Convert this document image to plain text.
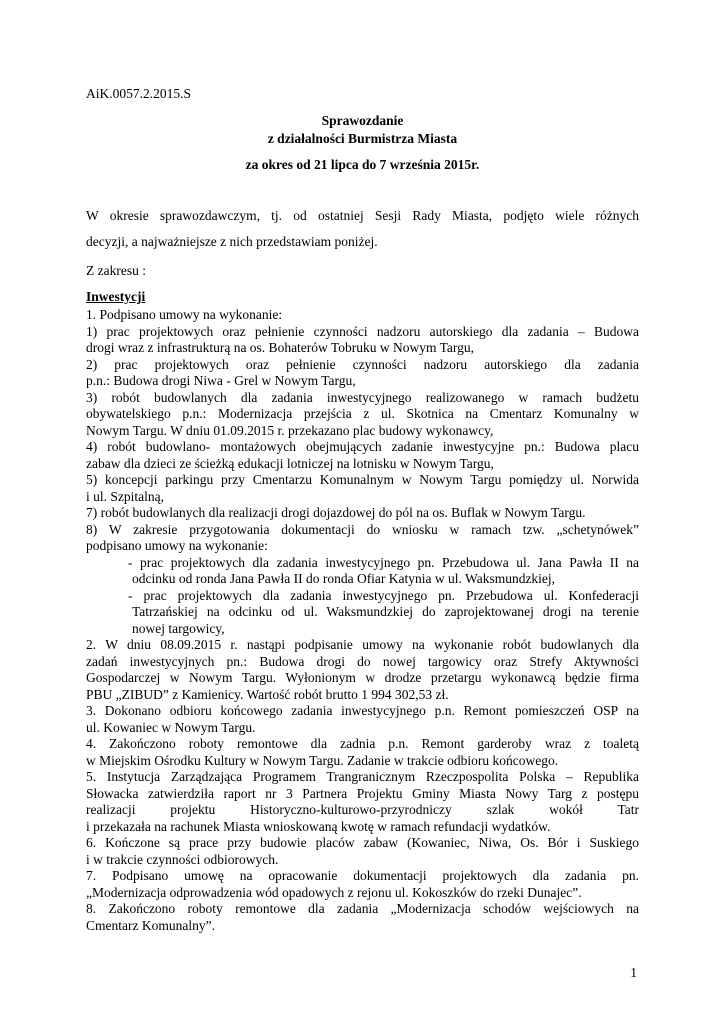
AiK.0057.2.2015.S
Sprawozdanie
z działalności Burmistrza Miasta
za okres od 21 lipca do 7 września 2015r.
W okresie sprawozdawczym, tj. od ostatniej Sesji Rady Miasta, podjęto wiele różnych
decyzji, a najważniejsze z nich przedstawiam poniżej.
Z zakresu :
Inwestycji

1. Podpisano umowy na wykonanie:

1) prac projektowych oraz pełnienie czynności nadzoru autorskiego dla zadania – Budowa
drogi wraz z infrastrukturą na os. Bohaterów Tobruku w Nowym Targu,

2) prac projektowych oraz pełnienie czynności nadzoru autorskiego dla zadania
p.n.: Budowa drogi Niwa - Grel w Nowym Targu,

3) robót budowlanych dla zadania inwestycyjnego realizowanego w ramach budżetu
obywatelskiego p.n.: Modernizacja przejścia z ul. Skotnica na Cmentarz Komunalny w
Nowym Targu. W dniu 01.09.2015 r. przekazano plac budowy wykonawcy,

4) robót budowlano- montażowych obejmujących zadanie inwestycyjne pn.: Budowa placu
zabaw dla dzieci ze ścieżką edukacji lotniczej na lotnisku w Nowym Targu,

5) koncepcji parkingu przy Cmentarzu Komunalnym w Nowym Targu pomiędzy ul. Norwida
i ul. Szpitalną,

7) robót budowlanych dla realizacji drogi dojazdowej do pól na os. Buflak w Nowym Targu.

8) W zakresie przygotowania dokumentacji do wniosku w ramach tzw. „schetynówek”
podpisano umowy na wykonanie:

- prac projektowych dla zadania inwestycyjnego pn. Przebudowa ul. Jana Pawła II na
odcinku od ronda Jana Pawła II do ronda Ofiar Katynia w ul. Waksmundzkiej,

- prac projektowych dla zadania inwestycyjnego pn. Przebudowa ul. Konfederacji
Tatrzańskiej na odcinku od ul. Waksmundzkiej do zaprojektowanej drogi na terenie
nowej targowicy,

2. W dniu 08.09.2015 r. nastąpi podpisanie umowy na wykonanie robót budowlanych dla
zadań inwestycyjnych pn.: Budowa drogi do nowej targowicy oraz Strefy Aktywności
Gospodarczej w Nowym Targu. Wyłonionym w drodze przetargu wykonawcą będzie firma
PBU „ZIBUD” z Kamienicy. Wartość robót brutto 1 994 302,53 zł.

3. Dokonano odbioru końcowego zadania inwestycyjnego p.n. Remont pomieszczeń OSP na
ul. Kowaniec w Nowym Targu.

4. Zakończono roboty remontowe dla zadnia p.n. Remont garderoby wraz z toaletą
w Miejskim Ośrodku Kultury w Nowym Targu. Zadanie w trakcie odbioru końcowego.

5. Instytucja Zarządzająca Programem Trangranicznym Rzeczpospolita Polska – Republika
Słowacka zatwierdziła raport nr 3 Partnera Projektu Gminy Miasta Nowy Targ z postępu
realizacji projektu Historyczno-kulturowo-przyrodniczy szlak wokół Tatr
i przekazała na rachunek Miasta wnioskowaną kwotę w ramach refundacji wydatków.

6. Kończone są prace przy budowie placów zabaw (Kowaniec, Niwa, Os. Bór i Suskiego
i w trakcie czynności odbiorowych.

7. Podpisano umowę na opracowanie dokumentacji projektowych dla zadania pn.
„Modernizacja odprowadzenia wód opadowych z rejonu ul. Kokoszków do rzeki Dunajec”.

8. Zakończono roboty remontowe dla zadania „Modernizacja schodów wejściowych na
Cmentarz Komunalny”.

1
